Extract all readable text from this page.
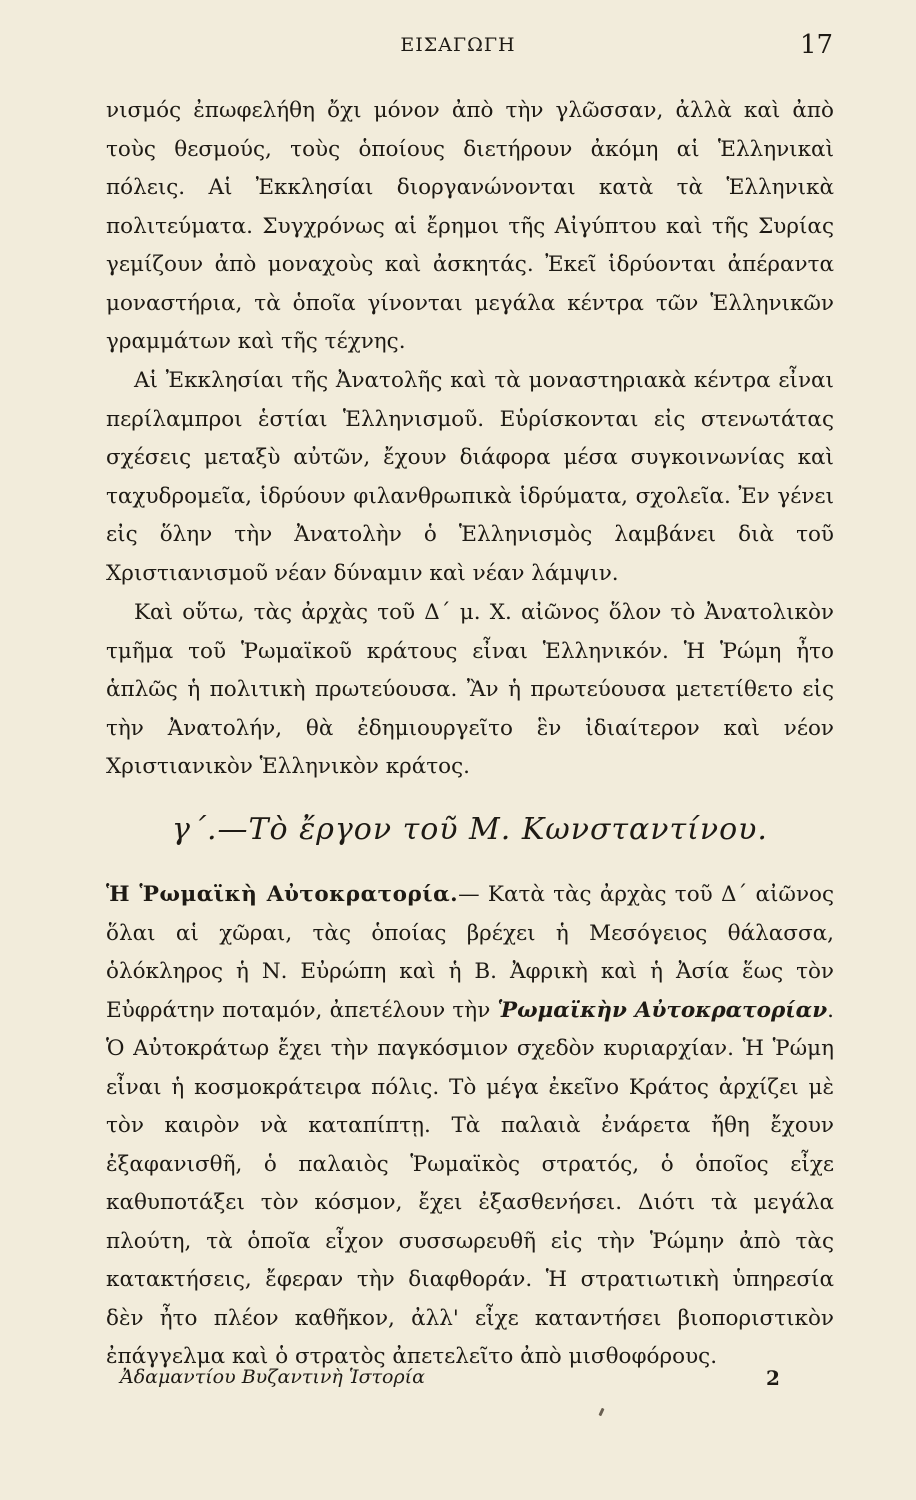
ΕΙΣΑΓΩΓΗ	17

νισμός ἐπωφελήθη ὄχι μόνον ἀπὸ τὴν γλῶσσαν, ἀλλὰ καὶ ἀπὸ τοὺς θεσμούς, τοὺς ὁποίους διετήρουν ἀκόμη αἱ Ἑλληνικαὶ πόλεις. Αἱ Ἐκκλησίαι διοργανώνονται κατὰ τὰ Ἑλληνικὰ πολιτεύματα. Συγχρόνως αἱ ἔρημοι τῆς Αἰγύπτου καὶ τῆς Συρίας γεμίζουν ἀπὸ μοναχοὺς καὶ ἀσκητάς. Ἐκεῖ ἱδρύονται ἀπέραντα μοναστήρια, τὰ ὁποῖα γίνονται μεγάλα κέντρα τῶν Ἑλληνικῶν γραμμάτων καὶ τῆς τέχνης.

Αἱ Ἐκκλησίαι τῆς Ἀνατολῆς καὶ τὰ μοναστηριακὰ κέντρα εἶναι περίλαμπροι ἑστίαι Ἑλληνισμοῦ. Εὑρίσκονται εἰς στενωτάτας σχέσεις μεταξὺ αὐτῶν, ἔχουν διάφορα μέσα συγκοινωνίας καὶ ταχυδρομεῖα, ἱδρύουν φιλανθρωπικὰ ἱδρύματα, σχολεῖα. Ἐν γένει εἰς ὅλην τὴν Ἀνατολὴν ὁ Ἑλληνισμὸς λαμβάνει διὰ τοῦ Χριστιανισμοῦ νέαν δύναμιν καὶ νέαν λάμψιν.

Καὶ οὕτω, τὰς ἀρχὰς τοῦ Δ΄ μ. Χ. αἰῶνος ὅλον τὸ Ἀνατολικὸν τμῆμα τοῦ Ῥωμαϊκοῦ κράτους εἶναι Ἑλληνικόν. Ἡ Ῥώμη ἦτο ἁπλῶς ἡ πολιτικὴ πρωτεύουσα. Ἂν ἡ πρωτεύουσα μετετίθετο εἰς τὴν Ἀνατολήν, θὰ ἐδημιουργεῖτο ἓν ἰδιαίτερον καὶ νέον Χριστιανικὸν Ἑλληνικὸν κράτος.

γ΄.—Τὸ ἔργον τοῦ Μ. Κωνσταντίνου.

Ἡ Ῥωμαϊκὴ Αὐτοκρατορία.— Κατὰ τὰς ἀρχὰς τοῦ Δ΄ αἰῶνος ὅλαι αἱ χῶραι, τὰς ὁποίας βρέχει ἡ Μεσόγειος θάλασσα, ὁλόκληρος ἡ Ν. Εὐρώπη καὶ ἡ Β. Ἀφρικὴ καὶ ἡ Ἀσία ἕως τὸν Εὐφράτην ποταμόν, ἀπετέλουν τὴν Ῥωμαϊκὴν Αὐτοκρατορίαν. Ὁ Αὐτοκράτωρ ἔχει τὴν παγκόσμιον σχεδὸν κυριαρχίαν. Ἡ Ῥώμη εἶναι ἡ κοσμοκράτειρα πόλις. Τὸ μέγα ἐκεῖνο Κράτος ἀρχίζει μὲ τὸν καιρὸν νὰ καταπίπτῃ. Τὰ παλαιὰ ἐνάρετα ἤθη ἔχουν ἐξαφανισθῆ, ὁ παλαιὸς Ῥωμαϊκὸς στρατός, ὁ ὁποῖος εἶχε καθυποτάξει τὸν κόσμον, ἔχει ἐξασθενήσει. Διότι τὰ μεγάλα πλούτη, τὰ ὁποῖα εἶχον συσσωρευθῆ εἰς τὴν Ῥώμην ἀπὸ τὰς κατακτήσεις, ἔφεραν τὴν διαφθοράν. Ἡ στρατιωτικὴ ὑπηρεσία δὲν ἦτο πλέον καθῆκον, ἀλλ' εἶχε καταντήσει βιοποριστικὸν ἐπάγγελμα καὶ ὁ στρατὸς ἀπετελεῖτο ἀπὸ μισθοφόρους.

Ἀδαμαντίου Βυζαντινὴ Ἱστορία	2
